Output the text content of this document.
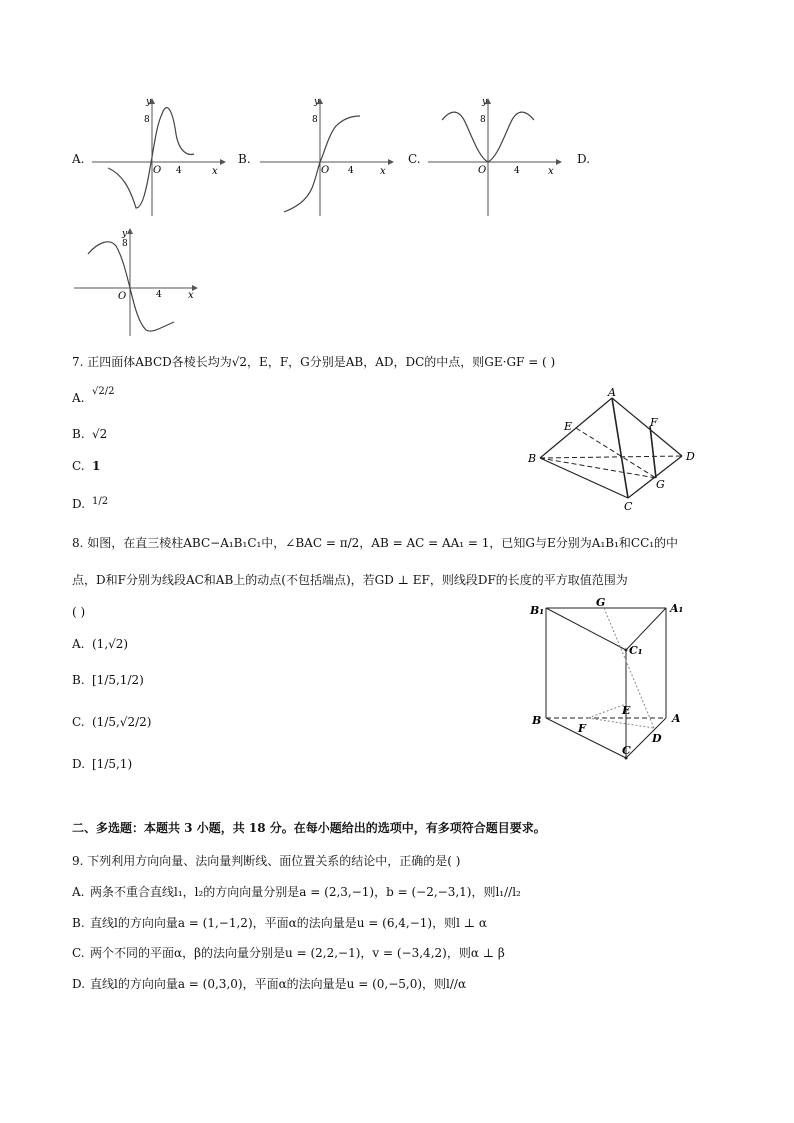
A.
y
8
O 4	x
B.
y
8
O 4	x
C.
y
8
O	4	x
D.
y
8
O	4	x
7. 正四面体ABCD各棱长均为√2，E，F，G分别是AB，AD，DC的中点，则GE·GF = ( )
A. √2/2
B. √2
C. 1
D. 1/2
A
B
C
D
E	F
G
8. 如图，在直三棱柱ABC−A₁B₁C₁中，∠BAC = π/2，AB = AC = AA₁ = 1，已知G与E分别为A₁B₁和CC₁的中
点，D和F分别为线段AC和AB上的动点(不包括端点)，若GD ⊥ EF，则线段DF的长度的平方取值范围为
( )
A. (1,√2)
B. [1/5,1/2)
C. (1/5,√2/2)
D. [1/5,1)
B₁
G	A₁
C₁
E
B	A
F
D
C
二、多选题：本题共 3 小题，共 18 分。在每小题给出的选项中，有多项符合题目要求。
9. 下列利用方向向量、法向量判断线、面位置关系的结论中，正确的是( )
A. 两条不重合直线l₁，l₂的方向向量分别是a = (2,3,−1)，b = (−2,−3,1)，则l₁//l₂
B. 直线l的方向向量a = (1,−1,2)，平面α的法向量是u = (6,4,−1)，则l ⊥ α
C. 两个不同的平面α，β的法向量分别是u = (2,2,−1)，v = (−3,4,2)，则α ⊥ β
D. 直线l的方向向量a = (0,3,0)，平面α的法向量是u = (0,−5,0)，则l//α
